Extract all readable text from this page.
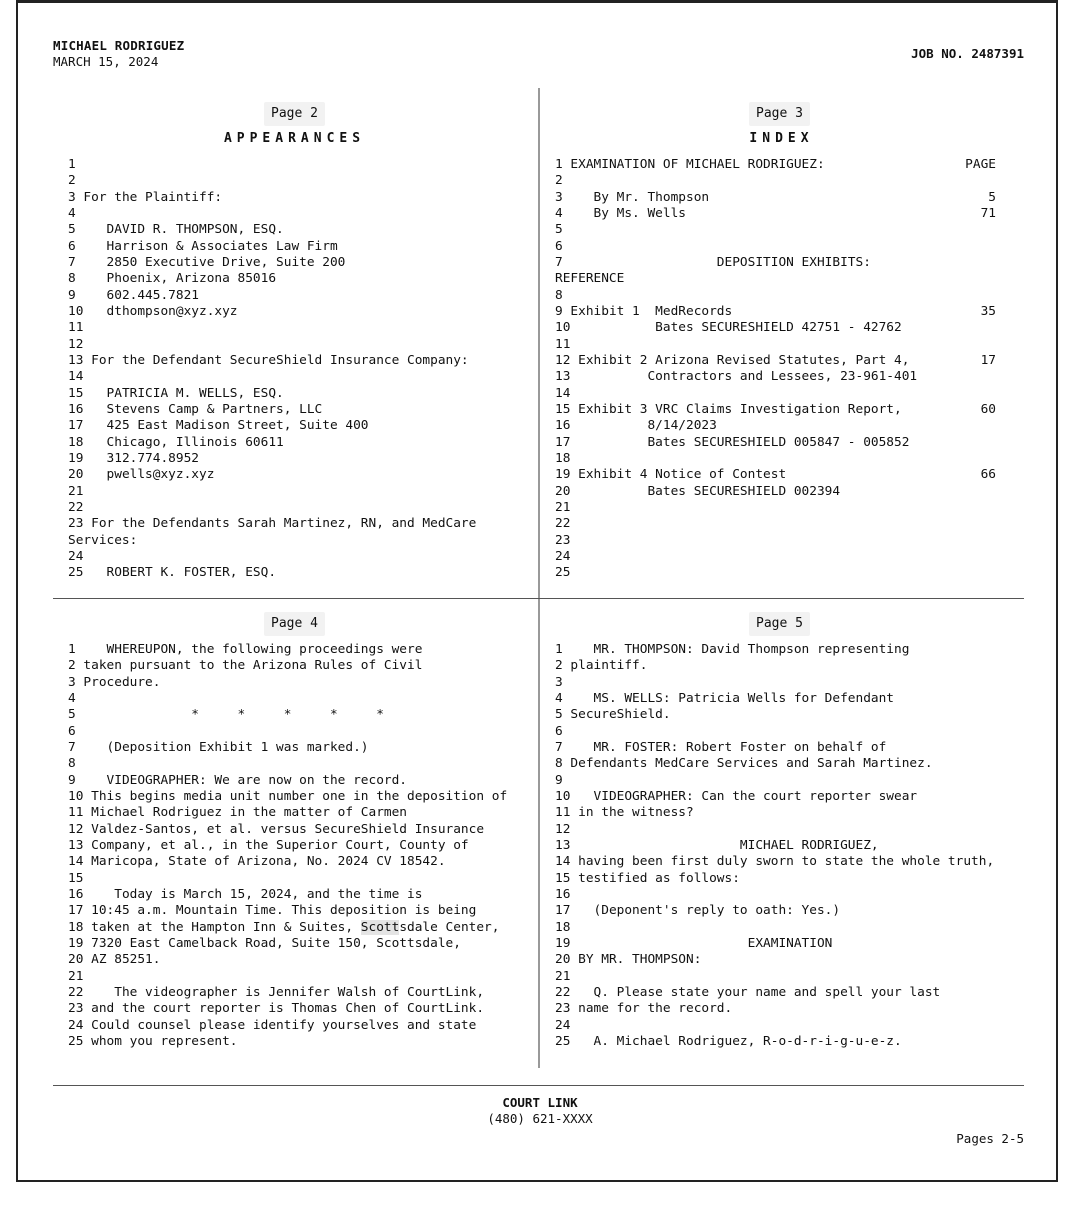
MICHAEL RODRIGUEZ
MARCH 15, 2024
JOB NO. 2487391
Page 2
APPEARANCES
1
2
3 For the Plaintiff:
4
5    DAVID R. THOMPSON, ESQ.
6    Harrison & Associates Law Firm
7    2850 Executive Drive, Suite 200
8    Phoenix, Arizona 85016
9    602.445.7821
10   dthompson@xyz.xyz
11
12
13 For the Defendant SecureShield Insurance Company:
14
15   PATRICIA M. WELLS, ESQ.
16   Stevens Camp & Partners, LLC
17   425 East Madison Street, Suite 400
18   Chicago, Illinois 60611
19   312.774.8952
20   pwells@xyz.xyz
21
22
23 For the Defendants Sarah Martinez, RN, and MedCare
Services:
24
25   ROBERT K. FOSTER, ESQ.
Page 3
INDEX
1 EXAMINATION OF MICHAEL RODRIGUEZ:	PAGE
2
3    By Mr. Thompson	5
4    By Ms. Wells	71
5
6
7                    DEPOSITION EXHIBITS:
REFERENCE
8
9 Exhibit 1  MedRecords	35
10           Bates SECURESHIELD 42751 - 42762
11
12 Exhibit 2 Arizona Revised Statutes, Part 4,	17
13          Contractors and Lessees, 23-961-401
14
15 Exhibit 3 VRC Claims Investigation Report,	60
16          8/14/2023
17          Bates SECURESHIELD 005847 - 005852
18
19 Exhibit 4 Notice of Contest	66
20          Bates SECURESHIELD 002394
21
22
23
24
25
Page 4
1    WHEREUPON, the following proceedings were
2 taken pursuant to the Arizona Rules of Civil
3 Procedure.
4
5               *     *     *     *     *
6
7    (Deposition Exhibit 1 was marked.)
8
9    VIDEOGRAPHER: We are now on the record.
10 This begins media unit number one in the deposition of
11 Michael Rodriguez in the matter of Carmen
12 Valdez-Santos, et al. versus SecureShield Insurance
13 Company, et al., in the Superior Court, County of
14 Maricopa, State of Arizona, No. 2024 CV 18542.
15
16    Today is March 15, 2024, and the time is
17 10:45 a.m. Mountain Time. This deposition is being
18 taken at the Hampton Inn & Suites, Scottsdale Center,
19 7320 East Camelback Road, Suite 150, Scottsdale,
20 AZ 85251.
21
22    The videographer is Jennifer Walsh of CourtLink,
23 and the court reporter is Thomas Chen of CourtLink.
24 Could counsel please identify yourselves and state
25 whom you represent.
Page 5
1    MR. THOMPSON: David Thompson representing
2 plaintiff.
3
4    MS. WELLS: Patricia Wells for Defendant
5 SecureShield.
6
7    MR. FOSTER: Robert Foster on behalf of
8 Defendants MedCare Services and Sarah Martinez.
9
10   VIDEOGRAPHER: Can the court reporter swear
11 in the witness?
12
13                      MICHAEL RODRIGUEZ,
14 having been first duly sworn to state the whole truth,
15 testified as follows:
16
17   (Deponent's reply to oath: Yes.)
18
19                       EXAMINATION
20 BY MR. THOMPSON:
21
22   Q. Please state your name and spell your last
23 name for the record.
24
25   A. Michael Rodriguez, R-o-d-r-i-g-u-e-z.
COURT LINK
(480) 621-XXXX
Pages 2-5
